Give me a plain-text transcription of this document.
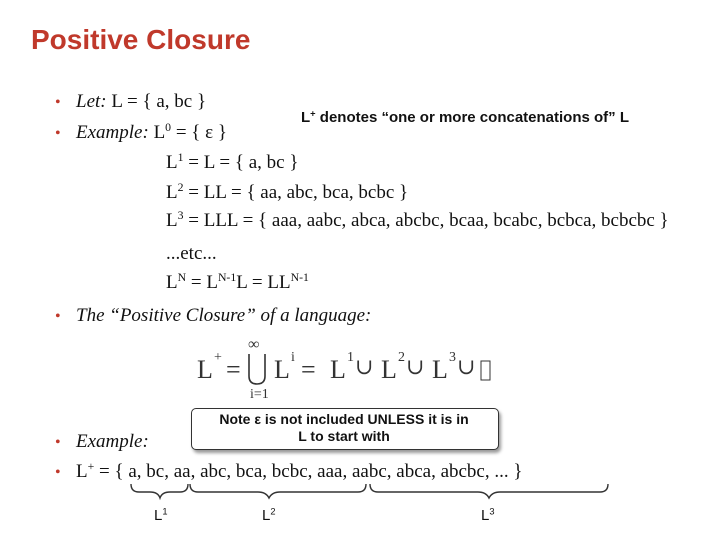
Positive Closure
• Let: L = { a, bc }
L+ denotes “one or more concatenations of” L
• Example: $L^0$ = { ε }
$L^1 = L$ = { a, bc }
$L^2$ = LL = { aa, abc, bca, bcbc }
$L^3$ = LLL = { aaa, aabc, abca, abcbc, bcaa, bcabc, bcbca, bcbcbc }
...etc...
$L^N = L^{N-1}L = LL^{N-1}$
• The “Positive Closure” of a language:
L + =
∞
i=1
L i = L 1 ∪ L 2 ∪ L 3 ∪
Note ε is not included UNLESS it is in
L to start with
• Example:
• L+ = { a, bc, aa, abc, bca, bcbc, aaa, aabc, abca, abcbc, ... }
$L^1$	$L^2$	$L^3$
